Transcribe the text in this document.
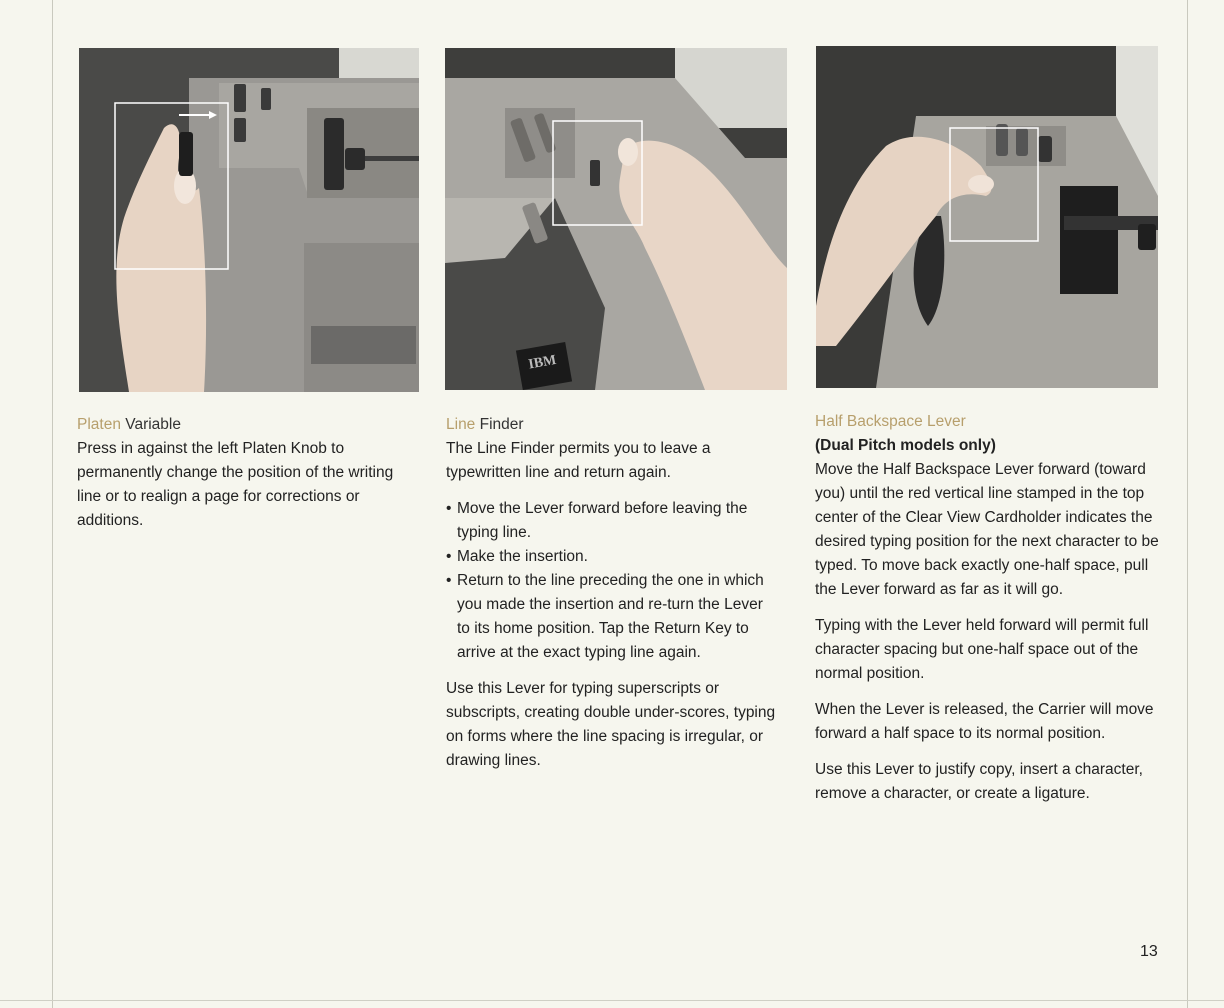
IBM
Platen Variable

Press in against the left Platen Knob to permanently change the position of the writing line or to realign a page for corrections or additions.

Line Finder

The Line Finder permits you to leave a typewritten line and return again.

• Move the Lever forward before leaving the typing line.
• Make the insertion.
• Return to the line preceding the one in which you made the insertion and re-turn the Lever to its home position. Tap the Return Key to arrive at the exact typing line again.

Use this Lever for typing superscripts or subscripts, creating double under-scores, typing on forms where the line spacing is irregular, or drawing lines.

Half Backspace Lever
(Dual Pitch models only)

Move the Half Backspace Lever forward (toward you) until the red vertical line stamped in the top center of the Clear View Cardholder indicates the desired typing position for the next character to be typed. To move back exactly one-half space, pull the Lever forward as far as it will go.

Typing with the Lever held forward will permit full character spacing but one-half space out of the normal position.

When the Lever is released, the Carrier will move forward a half space to its normal position.

Use this Lever to justify copy, insert a character, remove a character, or create a ligature.

13
